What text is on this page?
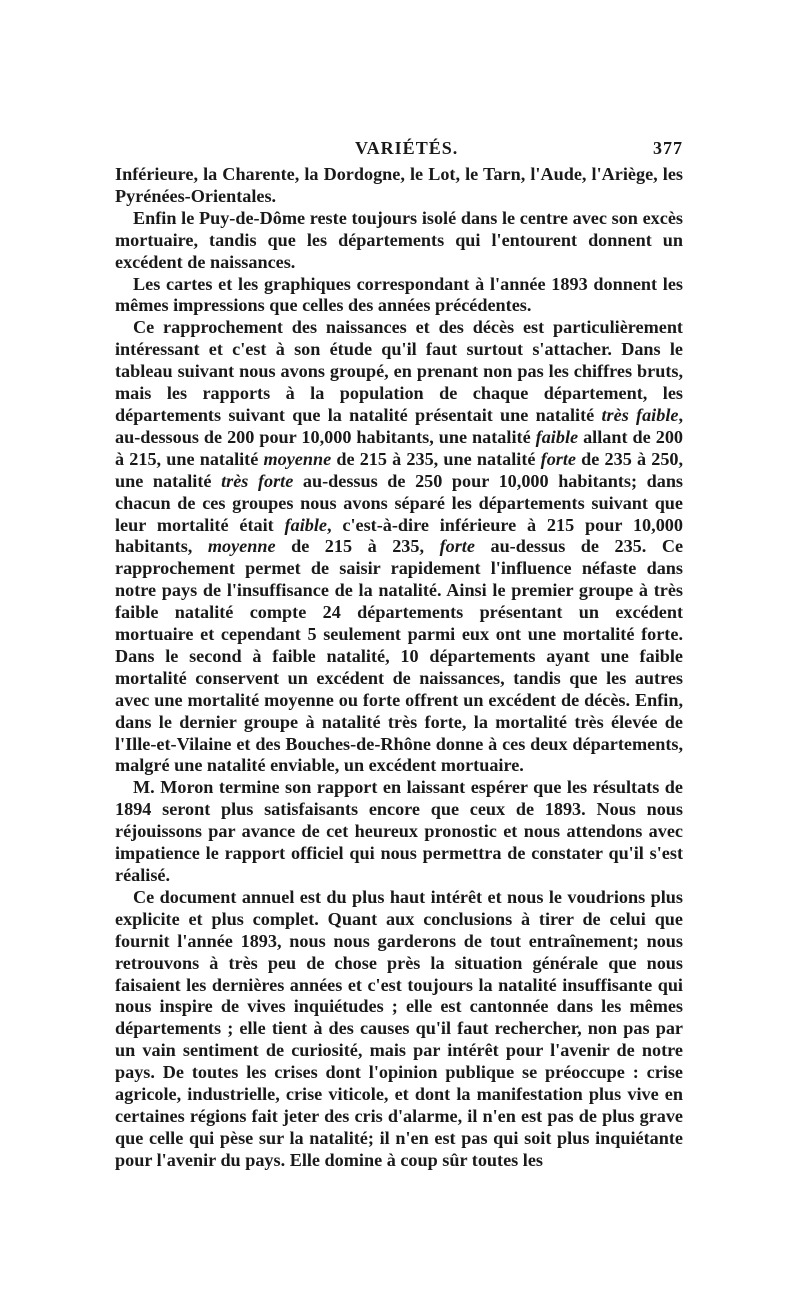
VARIÉTÉS.	377

Inférieure, la Charente, la Dordogne, le Lot, le Tarn, l'Aude, l'Ariège, les Pyrénées-Orientales.

Enfin le Puy-de-Dôme reste toujours isolé dans le centre avec son excès mortuaire, tandis que les départements qui l'entourent donnent un excédent de naissances.

Les cartes et les graphiques correspondant à l'année 1893 donnent les mêmes impressions que celles des années précédentes.

Ce rapprochement des naissances et des décès est particulièrement intéressant et c'est à son étude qu'il faut surtout s'attacher. Dans le tableau suivant nous avons groupé, en prenant non pas les chiffres bruts, mais les rapports à la population de chaque département, les départements suivant que la natalité présentait une natalité très faible, au-dessous de 200 pour 10,000 habitants, une natalité faible allant de 200 à 215, une natalité moyenne de 215 à 235, une natalité forte de 235 à 250, une natalité très forte au-dessus de 250 pour 10,000 habitants; dans chacun de ces groupes nous avons séparé les départements suivant que leur mortalité était faible, c'est-à-dire inférieure à 215 pour 10,000 habitants, moyenne de 215 à 235, forte au-dessus de 235. Ce rapprochement permet de saisir rapidement l'influence néfaste dans notre pays de l'insuffisance de la natalité. Ainsi le premier groupe à très faible natalité compte 24 départements présentant un excédent mortuaire et cependant 5 seulement parmi eux ont une mortalité forte. Dans le second à faible natalité, 10 départements ayant une faible mortalité conservent un excédent de naissances, tandis que les autres avec une mortalité moyenne ou forte offrent un excédent de décès. Enfin, dans le dernier groupe à natalité très forte, la mortalité très élevée de l'Ille-et-Vilaine et des Bouches-de-Rhône donne à ces deux départements, malgré une natalité enviable, un excédent mortuaire.

M. Moron termine son rapport en laissant espérer que les résultats de 1894 seront plus satisfaisants encore que ceux de 1893. Nous nous réjouissons par avance de cet heureux pronostic et nous attendons avec impatience le rapport officiel qui nous permettra de constater qu'il s'est réalisé.

Ce document annuel est du plus haut intérêt et nous le voudrions plus explicite et plus complet. Quant aux conclusions à tirer de celui que fournit l'année 1893, nous nous garderons de tout entraînement; nous retrouvons à très peu de chose près la situation générale que nous faisaient les dernières années et c'est toujours la natalité insuffisante qui nous inspire de vives inquiétudes ; elle est cantonnée dans les mêmes départements ; elle tient à des causes qu'il faut rechercher, non pas par un vain sentiment de curiosité, mais par intérêt pour l'avenir de notre pays. De toutes les crises dont l'opinion publique se préoccupe : crise agricole, industrielle, crise viticole, et dont la manifestation plus vive en certaines régions fait jeter des cris d'alarme, il n'en est pas de plus grave que celle qui pèse sur la natalité; il n'en est pas qui soit plus inquiétante pour l'avenir du pays. Elle domine à coup sûr toutes les
